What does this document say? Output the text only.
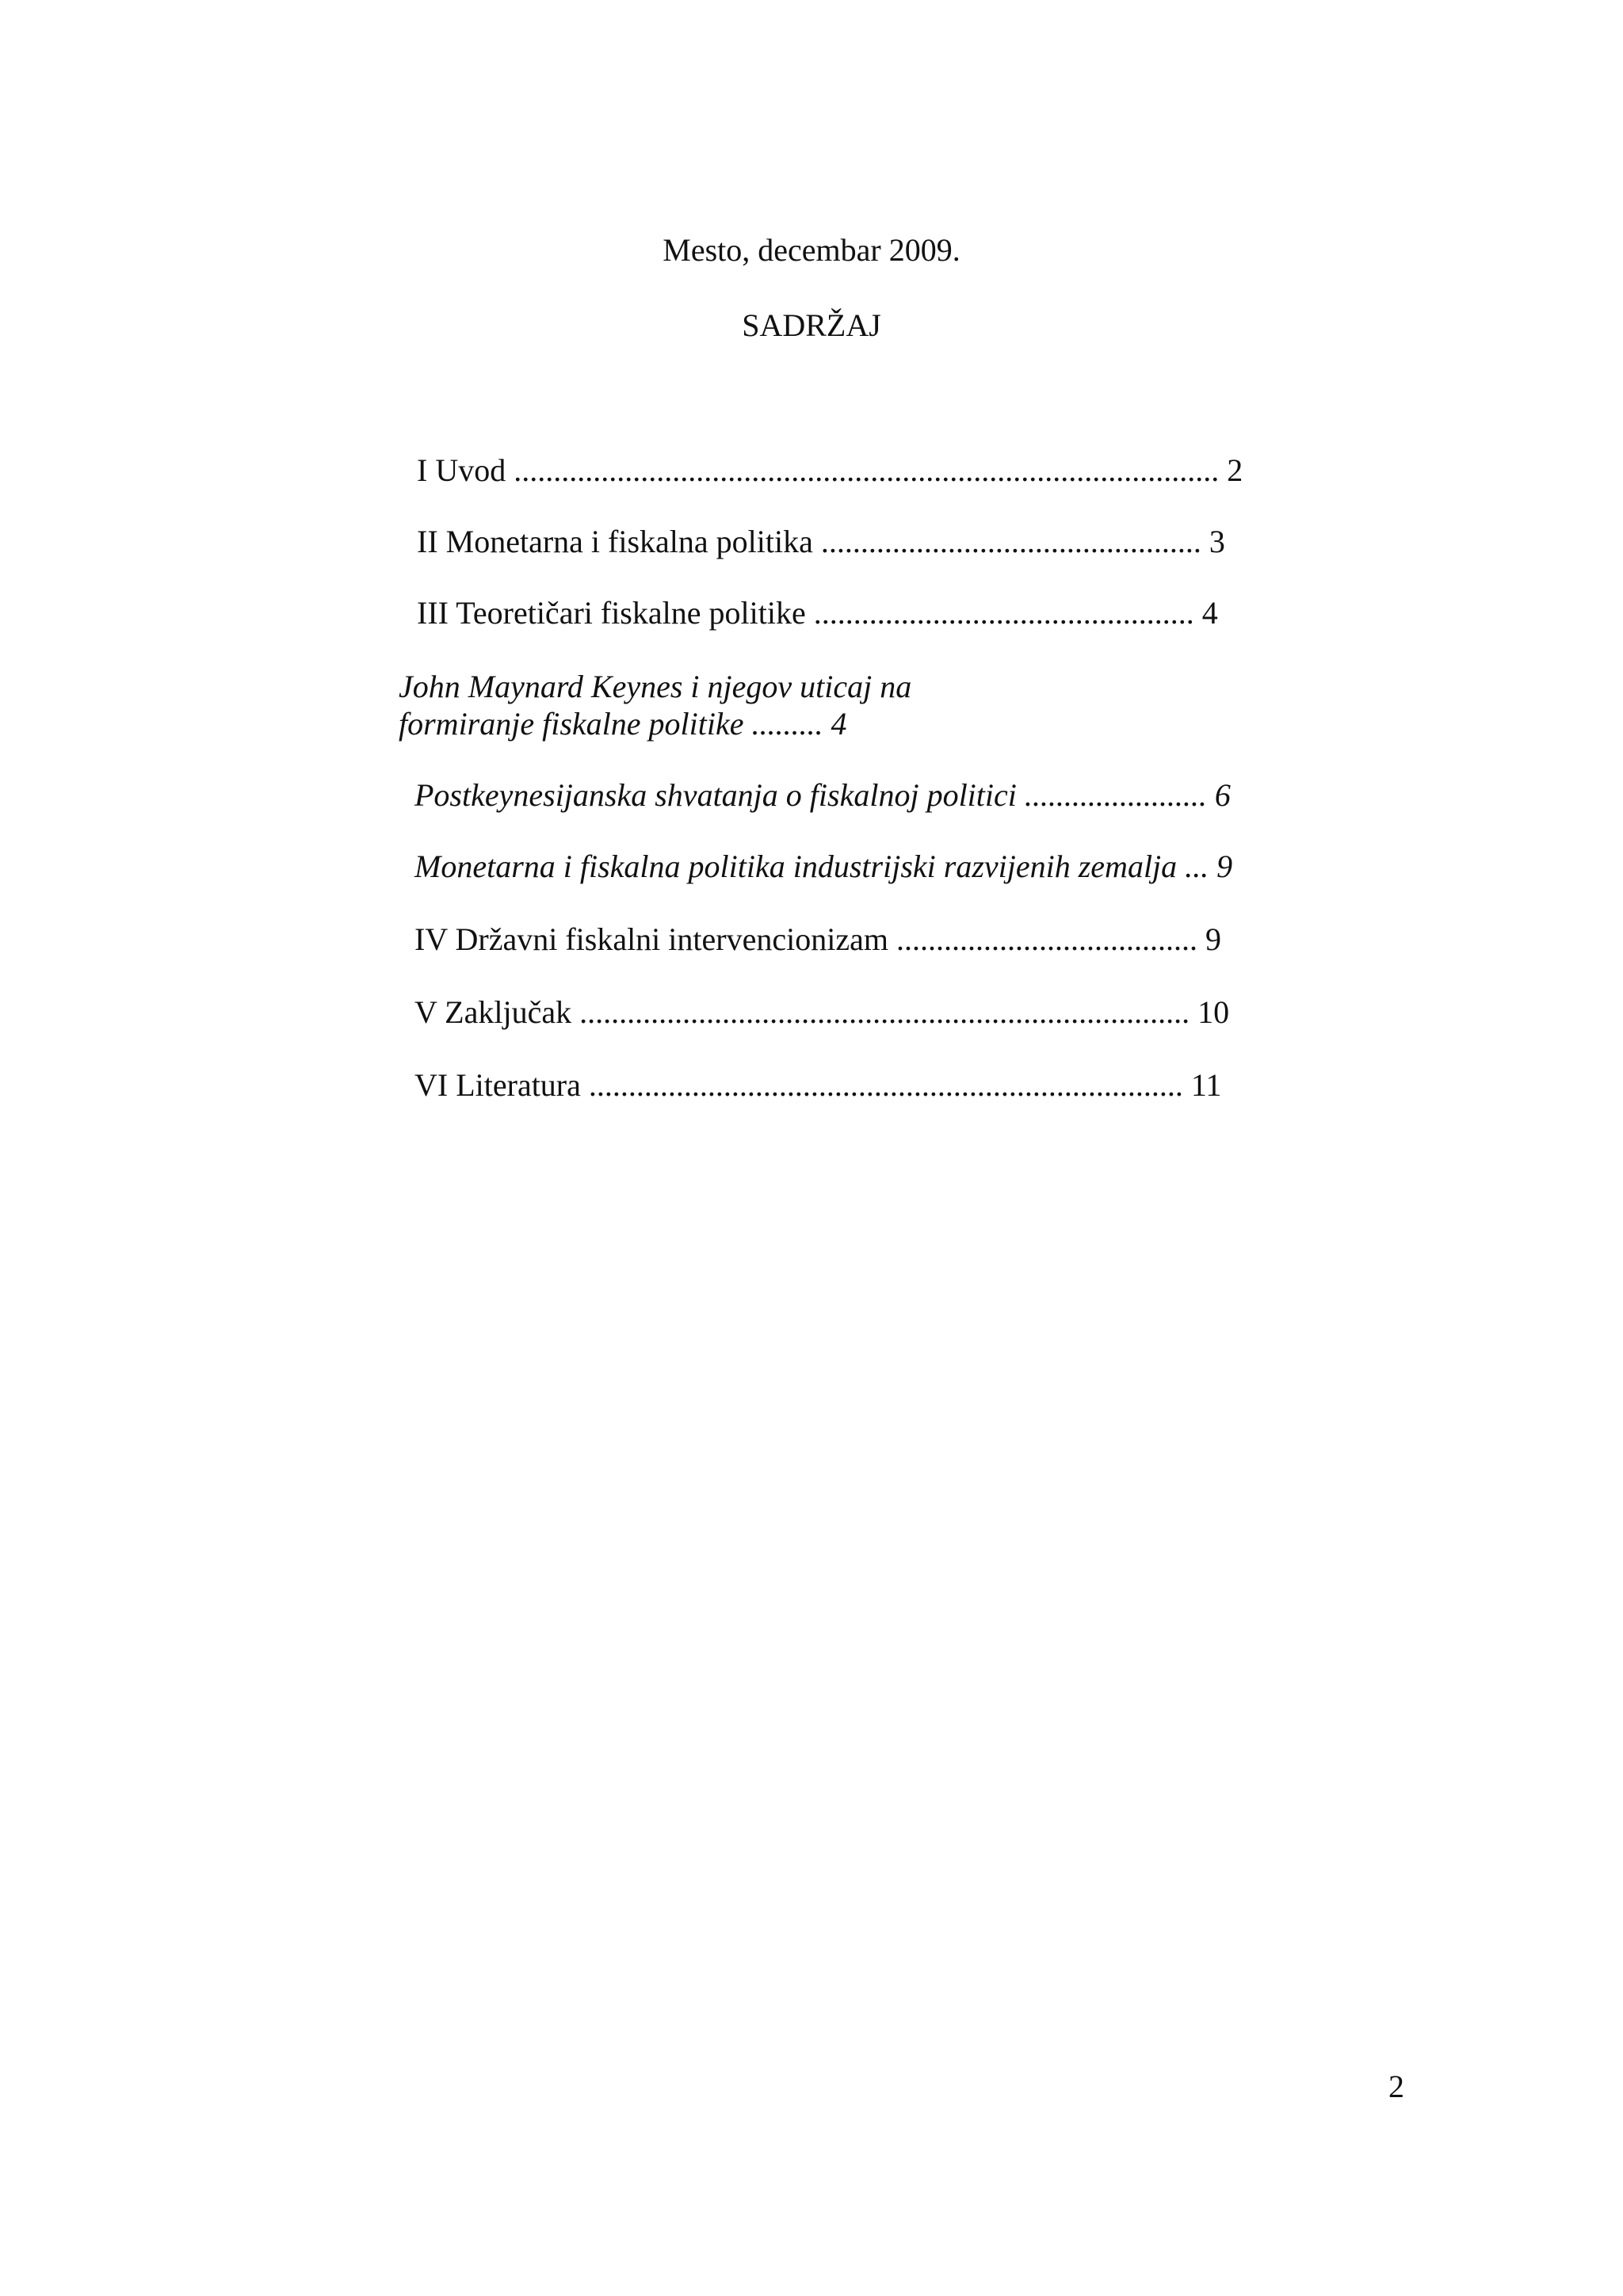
Mesto, decembar 2009.
SADRŽAJ
I Uvod ......................................................................................... 2
II Monetarna i fiskalna politika ................................................ 3
III Teoretičari fiskalne politike ................................................ 4
John Maynard Keynes i njegov uticaj na
formiranje fiskalne politike ......... 4
Postkeynesijanska shvatanja o fiskalnoj politici ....................... 6
Monetarna i fiskalna politika industrijski razvijenih zemalja ... 9
IV Državni fiskalni intervencionizam ...................................... 9
V Zaključak ............................................................................. 10
VI Literatura ........................................................................... 11
2
